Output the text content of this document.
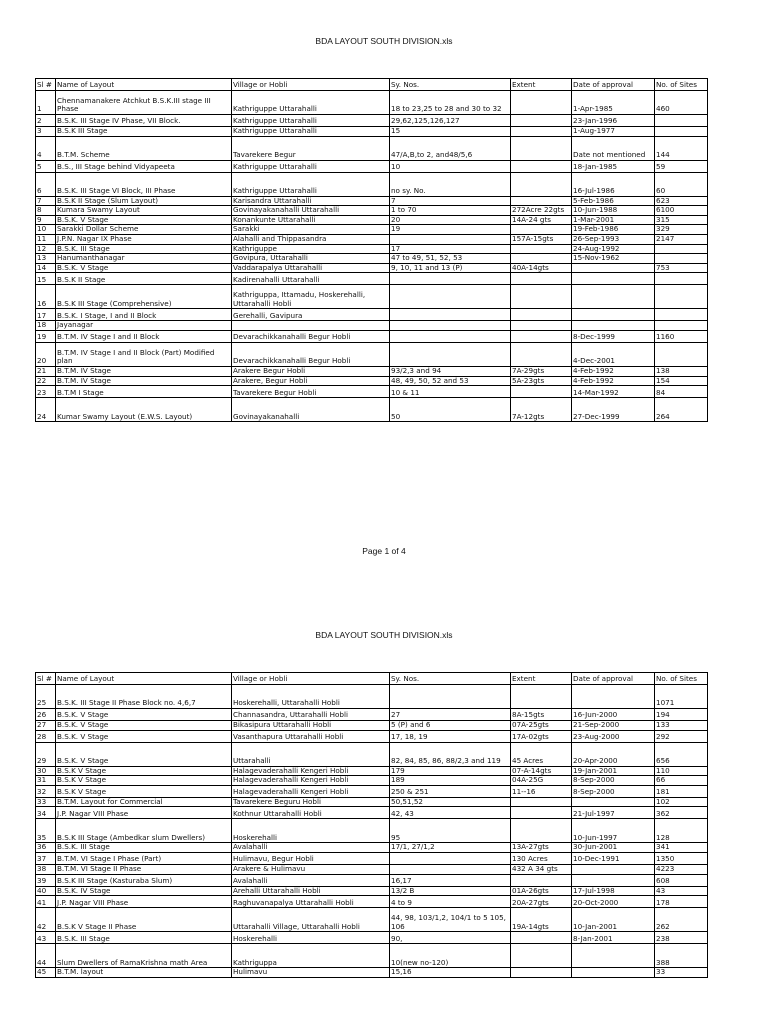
BDA LAYOUT SOUTH DIVISION.xls
Sl #	Name of Layout	Village or Hobli	Sy. Nos.	Extent	Date of approval	No. of Sites
1	Chennamanakere Atchkut B.S.K.III stage III Phase	Kathriguppe Uttarahalli	18 to 23,25 to 28 and 30 to 32		1-Apr-1985	460
2	B.S.K. III Stage IV Phase, VII Block.	Kathriguppe Uttarahalli	29,62,125,126,127		23-Jan-1996	
3	B.S.K III Stage	Kathriguppe Uttarahalli	15		1-Aug-1977	
4	B.T.M. Scheme	Tavarekere Begur	47/A,B,to 2, and48/5,6		Date not mentioned	144
5	B.S., III Stage behind Vidyapeeta	Kathriguppe Uttarahalli	10		18-Jan-1985	59
6	B.S.K. III Stage VI Block, III Phase	Kathriguppe Uttarahalli	no sy. No.		16-Jul-1986	60
7	B.S.K II Stage (Slum Layout)	Karisandra Uttarahalli	7		5-Feb-1986	623
8	Kumara Swamy Layout	Govinayakanahalli Uttarahalli	1 to 70	272Acre 22gts	10-Jun-1988	6100
9	B.S.K. V Stage	Konankunte Uttarahalli	20	14A-24 gts	1-Mar-2001	315
10	Sarakki Dollar Scheme	Sarakki	19		19-Feb-1986	329
11	J.P.N. Nagar IX Phase	Alahalli and Thippasandra		157A-15gts	26-Sep-1993	2147
12	B.S.K. III Stage	Kathriguppe	17		24-Aug-1992	
13	Hanumanthanagar	Govipura, Uttarahalli	47 to 49, 51, 52, 53		15-Nov-1962	
14	B.S.K. V Stage	Vaddarapalya Uttarahalli	9, 10, 11 and 13 (P)	40A-14gts		753
15	B.S.K II Stage	Kadirenahalli Uttarahalli				
16	B.S.K III Stage (Comprehensive)	Kathriguppa, Ittamadu, Hoskerehalli, Uttarahalli Hobli				
17	B.S.K. I Stage, I and II Block	Gerehalli, Gavipura				
18	Jayanagar					
19	B.T.M. IV Stage I and II Block	Devarachikkanahalli Begur Hobli			8-Dec-1999	1160
20	B.T.M. IV Stage I and II Block (Part) Modified plan	Devarachikkanahalli Begur Hobli			4-Dec-2001	
21	B.T.M. IV Stage	Arakere Begur Hobli	93/2,3 and 94	7A-29gts	4-Feb-1992	138
22	B.T.M. IV Stage	Arakere, Begur Hobli	48, 49, 50, 52 and 53	5A-23gts	4-Feb-1992	154
23	B.T.M I Stage	Tavarekere Begur Hobli	10 & 11		14-Mar-1992	84
24	Kumar Swamy Layout (E.W.S. Layout)	Govinayakanahalli	50	7A-12gts	27-Dec-1999	264
Page 1 of 4
BDA LAYOUT SOUTH DIVISION.xls
Sl #	Name of Layout	Village or Hobli	Sy. Nos.	Extent	Date of approval	No. of Sites
25	B.S.K. III Stage II Phase Block no. 4,6,7	Hoskerehalli, Uttarahalli Hobli				1071
26	B.S.K. V Stage	Channasandra, Uttarahalli Hobli	27	8A-15gts	16-Jun-2000	194
27	B.S.K. V Stage	Bikasipura Uttarahalli Hobli	5 (P) and 6	07A-25gts	21-Sep-2000	133
28	B.S.K. V Stage	Vasanthapura Uttarahalli Hobli	17, 18, 19	17A-02gts	23-Aug-2000	292
29	B.S.K. V Stage	Uttarahalli	82, 84, 85, 86, 88/2,3 and 119	45 Acres	20-Apr-2000	656
30	B.S.K V Stage	Halagevaderahalli Kengeri Hobli	179	07-A-14gts	19-Jan-2001	110
31	B.S.K V Stage	Halagevaderahalli Kengeri Hobli	189	04A-25G	8-Sep-2000	66
32	B.S.K V Stage	Halagevaderahalli Kengeri Hobli	250 & 251	11--16	8-Sep-2000	181
33	B.T.M. Layout for Commercial	Tavarekere Beguru Hobli	50,51,52			102
34	J.P. Nagar VIII Phase	Kothnur Uttarahalli Hobli	42, 43		21-Jul-1997	362
35	B.S.K III Stage (Ambedkar slum Dwellers)	Hoskerehalli	95		10-Jun-1997	128
36	B.S.K. III Stage	Avalahalli	17/1, 27/1,2	13A-27gts	30-Jun-2001	341
37	B.T.M. VI Stage I Phase (Part)	Hulimavu, Begur Hobli		130 Acres	10-Dec-1991	1350
38	B.T.M. VI Stage II Phase	Arakere & Hulimavu		432 A 34 gts		4223
39	B.S.K III Stage (Kasturaba Slum)	Avalahalli	16,17			608
40	B.S.K. IV Stage	Arehalli Uttarahalli Hobli	13/2 B	01A-26gts	17-Jul-1998	43
41	J.P. Nagar VIII Phase	Raghuvanapalya Uttarahalli Hobli	4 to 9	20A-27gts	20-Oct-2000	178
42	B.S.K V Stage II Phase	Uttarahalli Village, Uttarahalli Hobli	44, 98, 103/1,2, 104/1 to 5 105, 106	19A-14gts	10-Jan-2001	262
43	B.S.K. III Stage	Hoskerehalli	90,		8-Jan-2001	238
44	Slum Dwellers of RamaKrishna math Area	Kathriguppa	10(new no-120)			388
45	B.T.M. layout	Hulimavu	15,16			33
